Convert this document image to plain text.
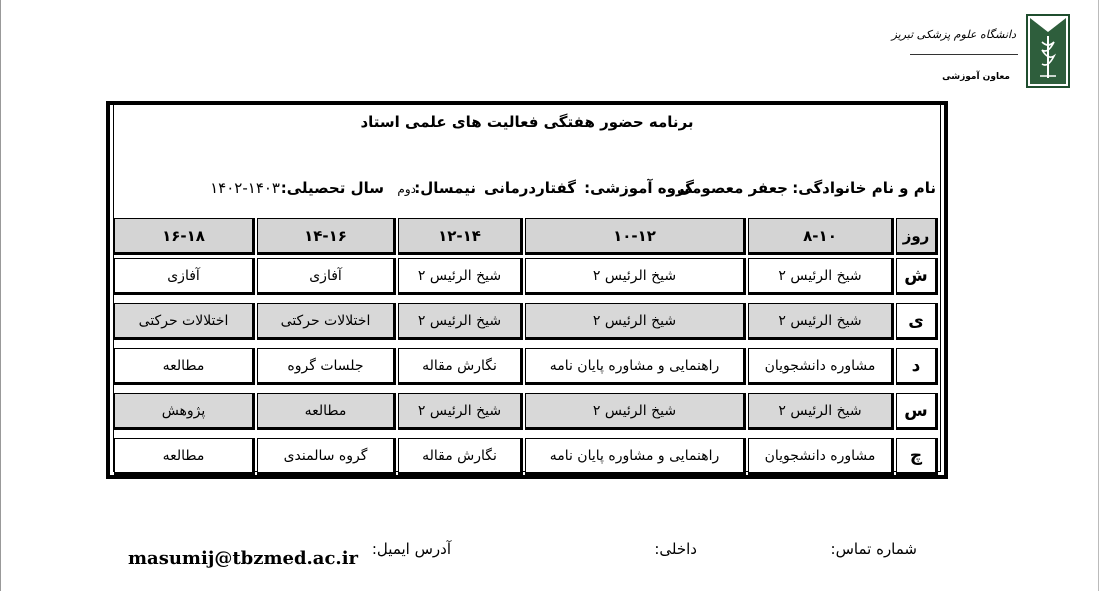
دانشگاه علوم پزشکی تبریز
معاون آموزشی
برنامه حضور هفتگی فعالیت های علمی استاد
نام و نام خانوادگی:
جعفر معصومی
گروه آموزشی:
گفتاردرمانی
نیمسال:
دوم
سال تحصیلی:
۱۴۰۲-۱۴۰۳
روز
۸-۱۰
۱۰-۱۲
۱۲-۱۴
۱۴-۱۶
۱۶-۱۸
ش
شیخ الرئیس ۲
شیخ الرئیس ۲
شیخ الرئیس ۲
آفازی
آفازی
ی
شیخ الرئیس ۲
شیخ الرئیس ۲
شیخ الرئیس ۲
اختلالات حرکتی
اختلالات حرکتی
د
مشاوره دانشجویان
راهنمایی و مشاوره پایان نامه
نگارش مقاله
جلسات گروه
مطالعه
س
شیخ الرئیس ۲
شیخ الرئیس ۲
شیخ الرئیس ۲
مطالعه
پژوهش
چ
مشاوره دانشجویان
راهنمایی و مشاوره پایان نامه
نگارش مقاله
گروه سالمندی
مطالعه
شماره تماس:
داخلی:
آدرس ایمیل:
masumij@tbzmed.ac.ir
